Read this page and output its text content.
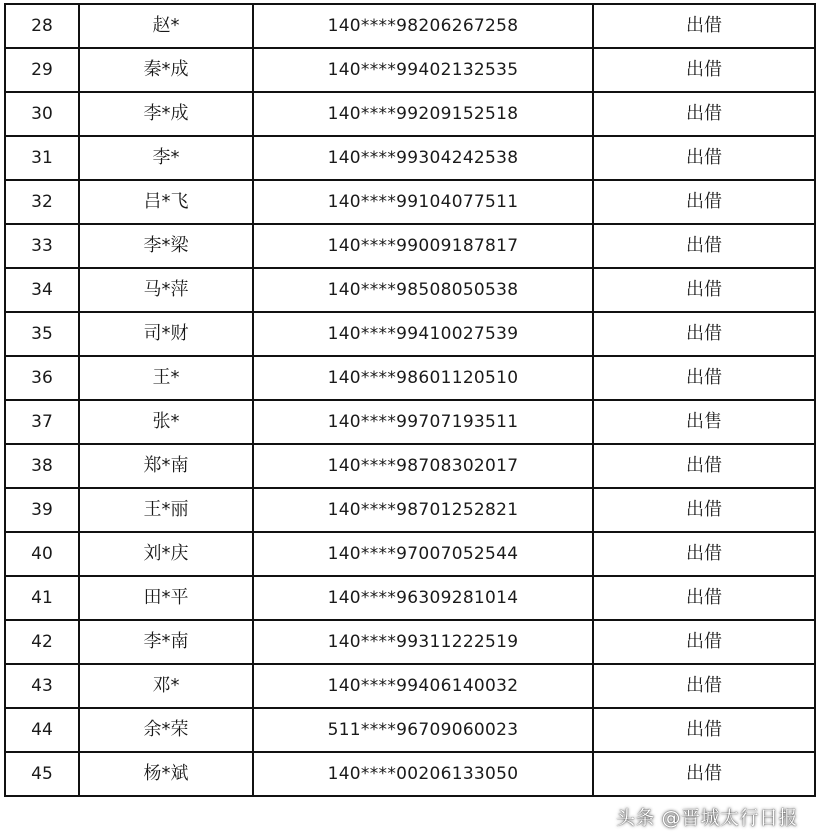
28	赵*	140****98206267258	出借
29	秦*成	140****99402132535	出借
30	李*成	140****99209152518	出借
31	李*	140****99304242538	出借
32	吕*飞	140****99104077511	出借
33	李*梁	140****99009187817	出借
34	马*萍	140****98508050538	出借
35	司*财	140****99410027539	出借
36	王*	140****98601120510	出借
37	张*	140****99707193511	出售
38	郑*南	140****98708302017	出借
39	王*丽	140****98701252821	出借
40	刘*庆	140****97007052544	出借
41	田*平	140****96309281014	出借
42	李*南	140****99311222519	出借
43	邓*	140****99406140032	出借
44	余*荣	511****96709060023	出借
45	杨*斌	140****00206133050	出借
头条 @晋城太行日报
